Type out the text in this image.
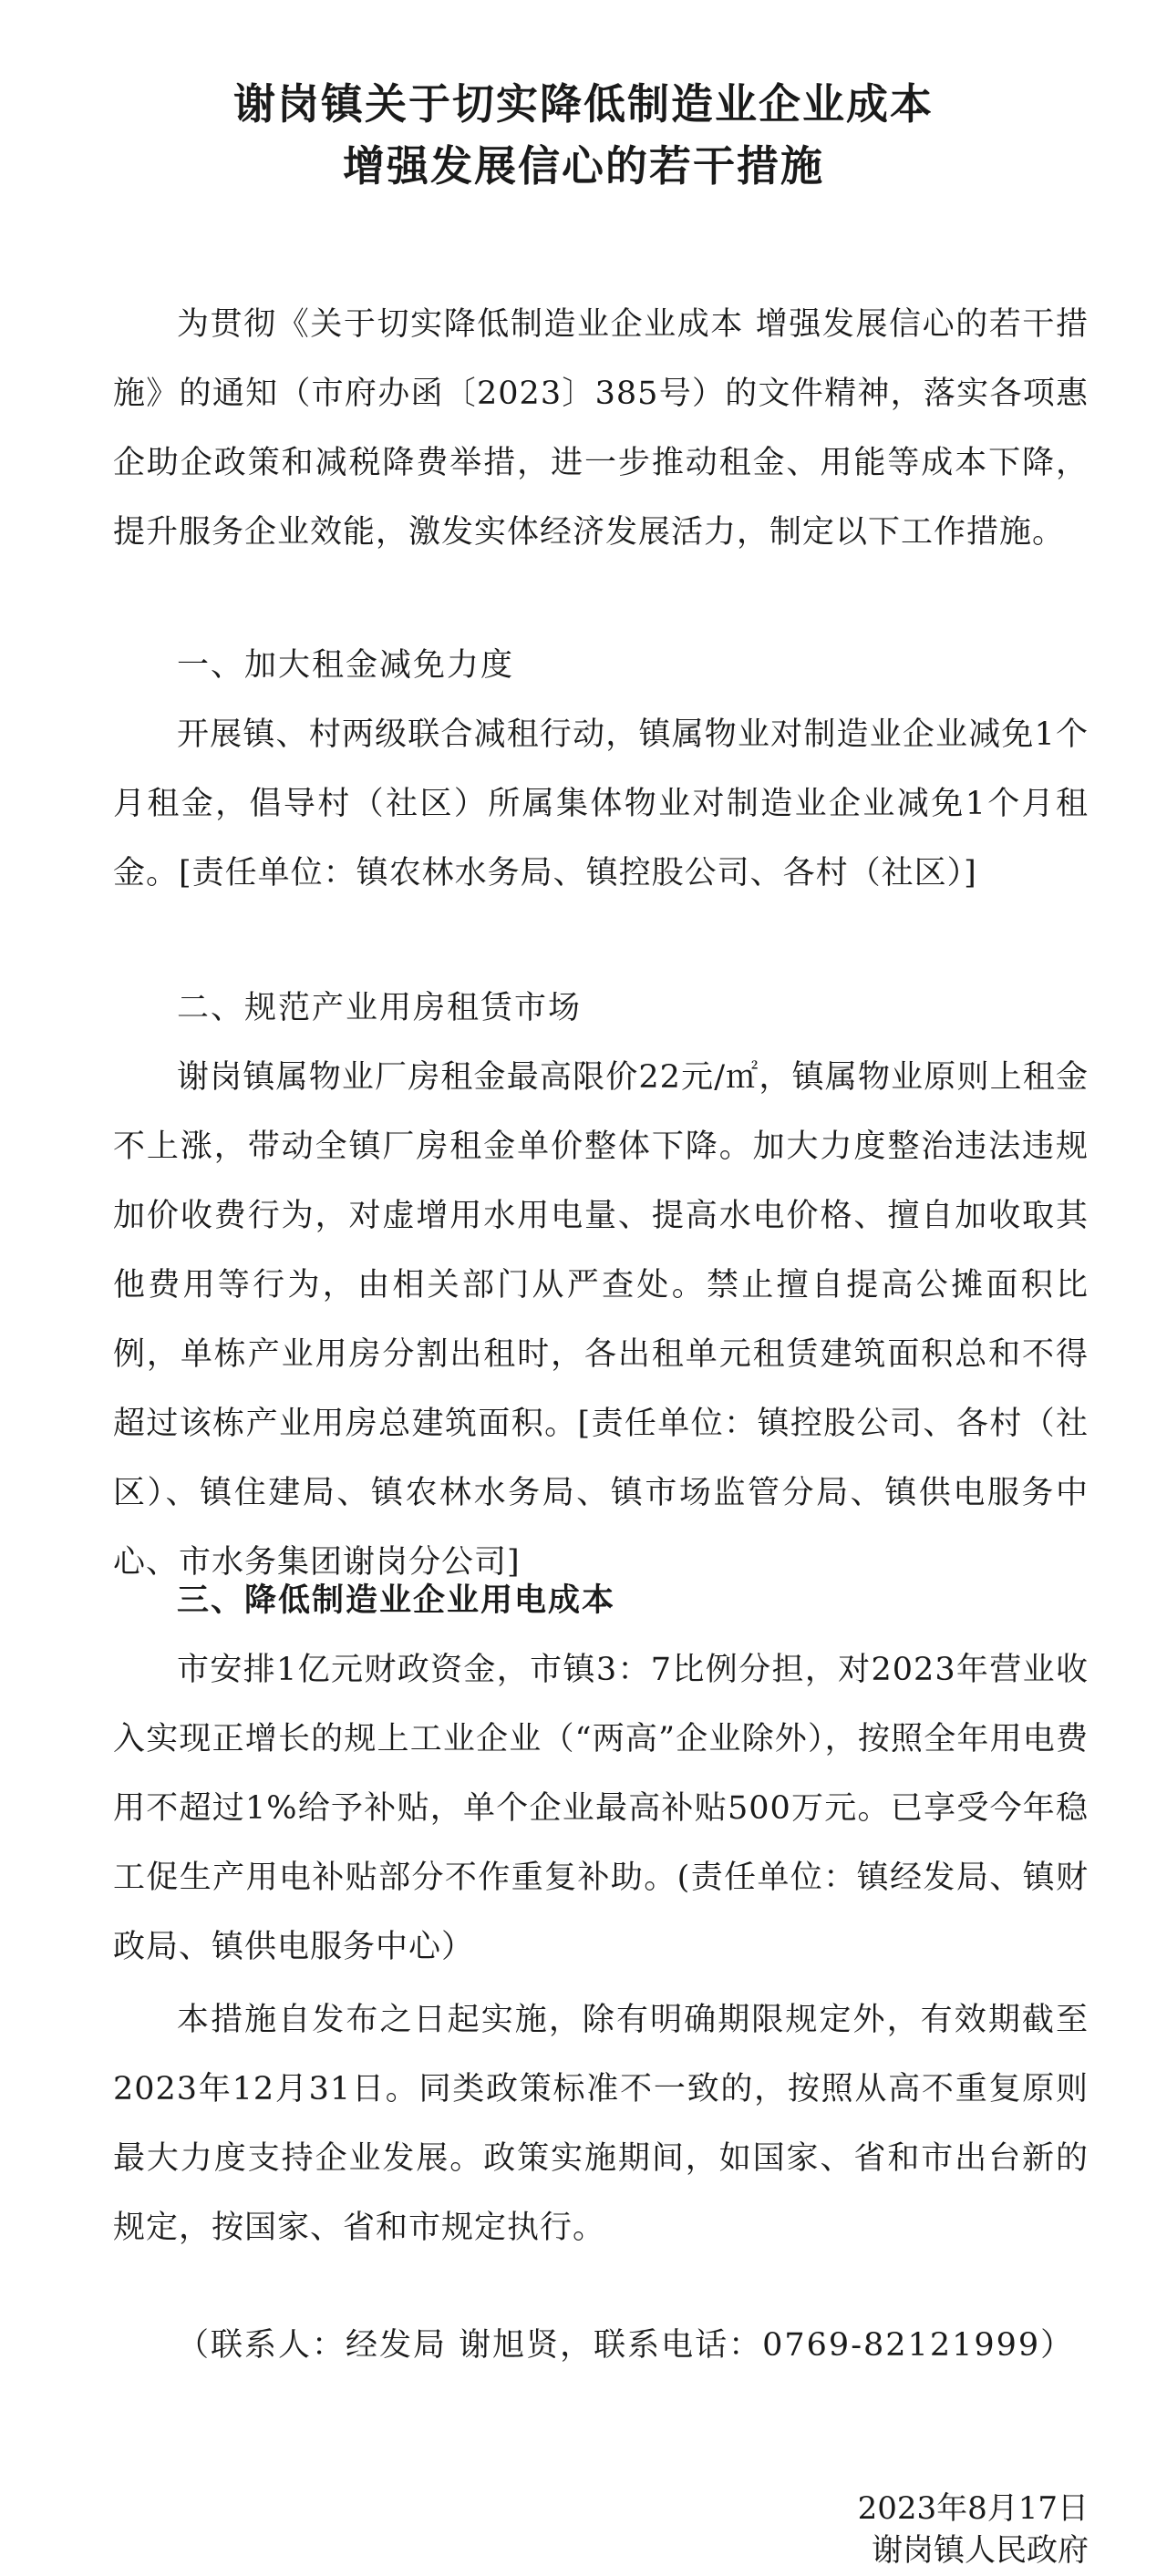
谢岗镇关于切实降低制造业企业成本
增强发展信心的若干措施

为贯彻《关于切实降低制造业企业成本 增强发展信心的若干措施》的通知（市府办函〔2023〕385号）的文件精神，落实各项惠企助企政策和减税降费举措，进一步推动租金、用能等成本下降，提升服务企业效能，激发实体经济发展活力，制定以下工作措施。

一、加大租金减免力度

开展镇、村两级联合减租行动，镇属物业对制造业企业减免1个月租金，倡导村（社区）所属集体物业对制造业企业减免1个月租金。[责任单位：镇农林水务局、镇控股公司、各村（社区）]

二、规范产业用房租赁市场

谢岗镇属物业厂房租金最高限价22元/㎡，镇属物业原则上租金不上涨，带动全镇厂房租金单价整体下降。加大力度整治违法违规加价收费行为，对虚增用水用电量、提高水电价格、擅自加收取其他费用等行为，由相关部门从严查处。禁止擅自提高公摊面积比例，单栋产业用房分割出租时，各出租单元租赁建筑面积总和不得超过该栋产业用房总建筑面积。[责任单位：镇控股公司、各村（社区）、镇住建局、镇农林水务局、镇市场监管分局、镇供电服务中心、市水务集团谢岗分公司]

三、降低制造业企业用电成本

市安排1亿元财政资金，市镇3：7比例分担，对2023年营业收入实现正增长的规上工业企业（“两高”企业除外），按照全年用电费用不超过1%给予补贴，单个企业最高补贴500万元。已享受今年稳工促生产用电补贴部分不作重复补助。(责任单位：镇经发局、镇财政局、镇供电服务中心）

本措施自发布之日起实施，除有明确期限规定外，有效期截至2023年12月31日。同类政策标准不一致的，按照从高不重复原则最大力度支持企业发展。政策实施期间，如国家、省和市出台新的规定，按国家、省和市规定执行。

（联系人：经发局 谢旭贤，联系电话：0769-82121999）
2023年8月17日
谢岗镇人民政府
